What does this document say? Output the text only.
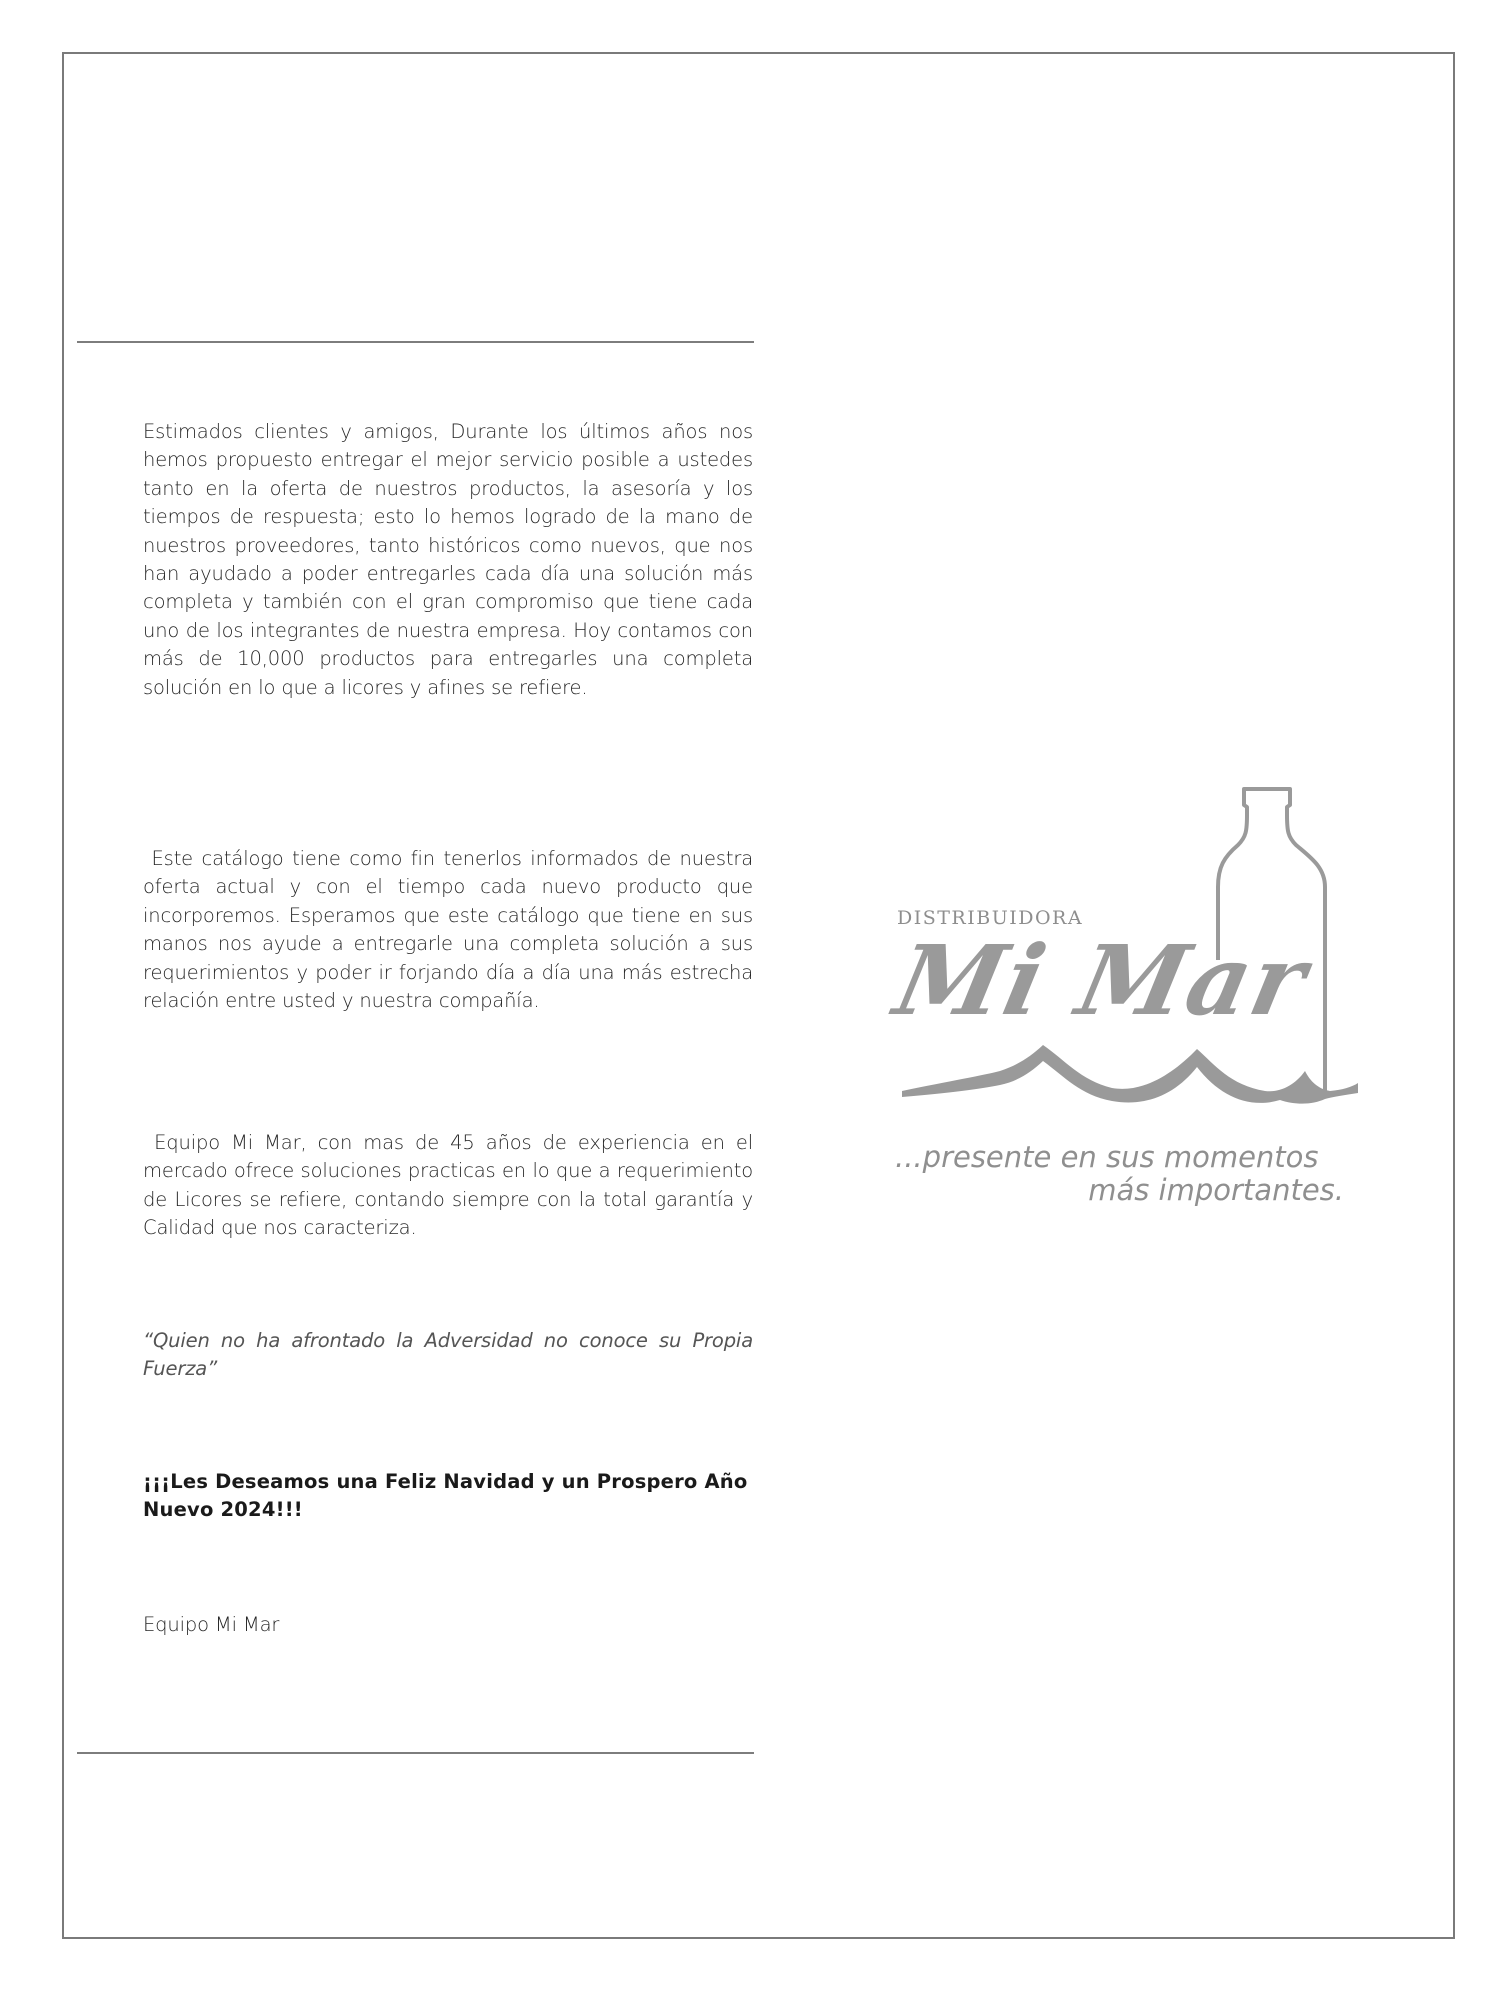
Estimados clientes y amigos, Durante los últimos años nos hemos propuesto entregar el mejor servicio posible a ustedes tanto en la oferta de nuestros productos, la asesoría y los tiempos de respuesta; esto lo hemos logrado de la mano de nuestros proveedores, tanto históricos como nuevos, que nos han ayudado a poder entregarles cada día una solución más completa y también con el gran compromiso que tiene cada uno de los integrantes de nuestra empresa. Hoy contamos con más de 10,000 productos para entregarles una completa solución en lo que a licores y afines se refiere.

Este catálogo tiene como fin tenerlos informados de nuestra oferta actual y con el tiempo cada nuevo producto que incorporemos. Esperamos que este catálogo que tiene en sus manos nos ayude a entregarle una completa solución a sus requerimientos y poder ir forjando día a día una más estrecha relación entre usted y nuestra compañía.

Equipo Mi Mar, con mas de 45 años de experiencia en el mercado ofrece soluciones practicas en lo que a requerimiento de Licores se refiere, contando siempre con la total garantía y Calidad que nos caracteriza.

“Quien no ha afrontado la Adversidad no conoce su Propia Fuerza”

¡¡¡Les Deseamos una Feliz Navidad y un Prospero Año Nuevo 2024!!!

Equipo Mi Mar

DISTRIBUIDORA
Mi Mar
...presente en sus momentos
más importantes.
